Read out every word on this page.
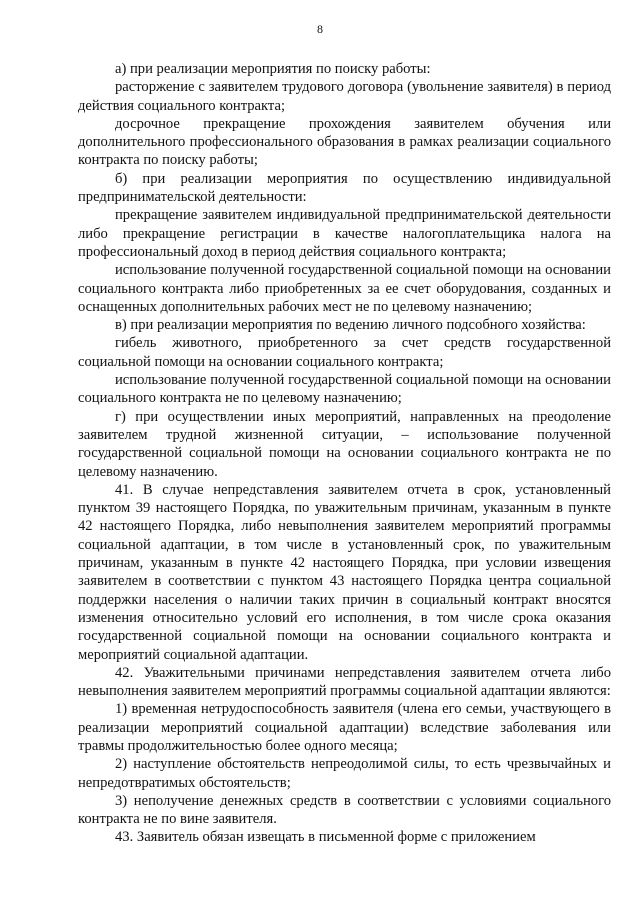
8

а) при реализации мероприятия по поиску работы:

расторжение с заявителем трудового договора (увольнение заявителя) в период действия социального контракта;

досрочное прекращение прохождения заявителем обучения или дополнительного профессионального образования в рамках реализации социального контракта по поиску работы;

б) при реализации мероприятия по осуществлению индивидуальной предпринимательской деятельности:

прекращение заявителем индивидуальной предпринимательской деятельности либо прекращение регистрации в качестве налогоплательщика налога на профессиональный доход в период действия социального контракта;

использование полученной государственной социальной помощи на основании социального контракта либо приобретенных за ее счет оборудования, созданных и оснащенных дополнительных рабочих мест не по целевому назначению;

в) при реализации мероприятия по ведению личного подсобного хозяйства:

гибель животного, приобретенного за счет средств государственной социальной помощи на основании социального контракта;

использование полученной государственной социальной помощи на основании социального контракта не по целевому назначению;

г) при осуществлении иных мероприятий, направленных на преодоление заявителем трудной жизненной ситуации, – использование полученной государственной социальной помощи на основании социального контракта не по целевому назначению.

41. В случае непредставления заявителем отчета в срок, установленный пунктом 39 настоящего Порядка, по уважительным причинам, указанным в пункте 42 настоящего Порядка, либо невыполнения заявителем мероприятий программы социальной адаптации, в том числе в установленный срок, по уважительным причинам, указанным в пункте 42 настоящего Порядка, при условии извещения заявителем в соответствии с пунктом 43 настоящего Порядка центра социальной поддержки населения о наличии таких причин в социальный контракт вносятся изменения относительно условий его исполнения, в том числе срока оказания государственной социальной помощи на основании социального контракта и мероприятий социальной адаптации.

42. Уважительными причинами непредставления заявителем отчета либо невыполнения заявителем мероприятий программы социальной адаптации являются:

1) временная нетрудоспособность заявителя (члена его семьи, участвующего в реализации мероприятий социальной адаптации) вследствие заболевания или травмы продолжительностью более одного месяца;

2) наступление обстоятельств непреодолимой силы, то есть чрезвычайных и непредотвратимых обстоятельств;

3) неполучение денежных средств в соответствии с условиями социального контракта не по вине заявителя.

43. Заявитель обязан извещать в письменной форме с приложением
